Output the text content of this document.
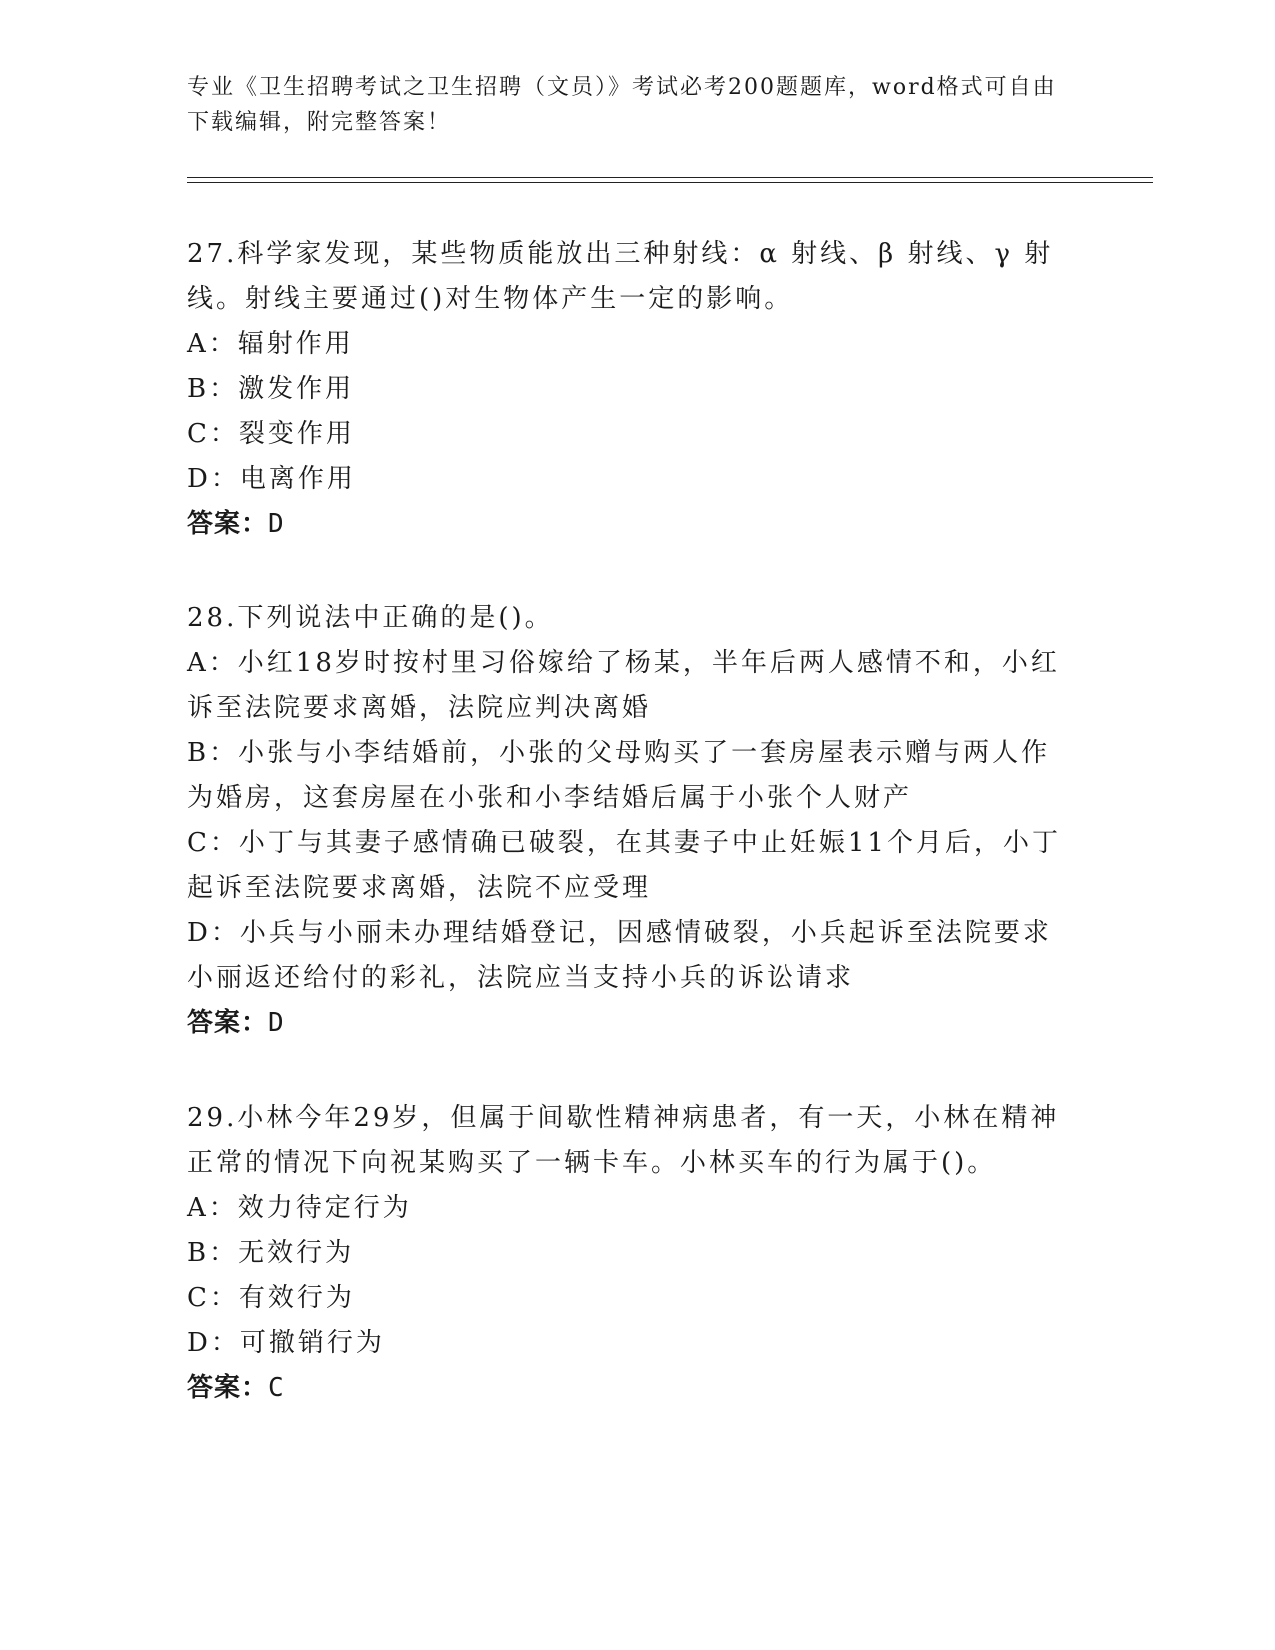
专业《卫生招聘考试之卫生招聘（文员）》考试必考200题题库，word格式可自由下载编辑，附完整答案！
27.科学家发现，某些物质能放出三种射线：α 射线、β 射线、γ 射线。射线主要通过()对生物体产生一定的影响。
A：辐射作用
B：激发作用
C：裂变作用
D：电离作用
答案：D
28.下列说法中正确的是()。
A：小红18岁时按村里习俗嫁给了杨某，半年后两人感情不和，小红诉至法院要求离婚，法院应判决离婚
B：小张与小李结婚前，小张的父母购买了一套房屋表示赠与两人作为婚房，这套房屋在小张和小李结婚后属于小张个人财产
C：小丁与其妻子感情确已破裂，在其妻子中止妊娠11个月后，小丁起诉至法院要求离婚，法院不应受理
D：小兵与小丽未办理结婚登记，因感情破裂，小兵起诉至法院要求小丽返还给付的彩礼，法院应当支持小兵的诉讼请求
答案：D
29.小林今年29岁，但属于间歇性精神病患者，有一天，小林在精神正常的情况下向祝某购买了一辆卡车。小林买车的行为属于()。
A：效力待定行为
B：无效行为
C：有效行为
D：可撤销行为
答案：C
